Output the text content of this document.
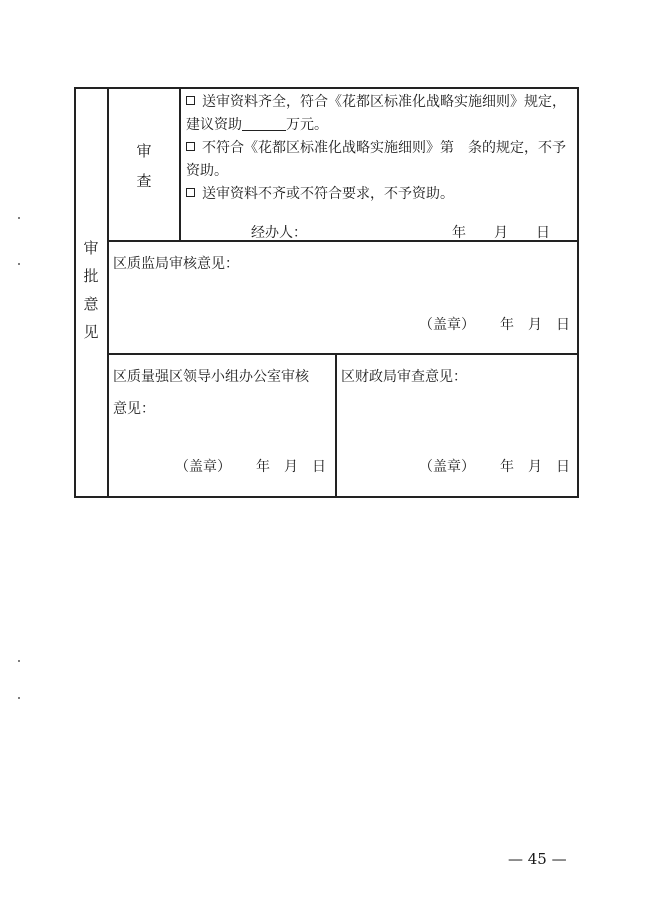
审
批
意
见
审
查
送审资料齐全，符合《花都区标准化战略实施细则》规定，
建议资助	万元。
不符合《花都区标准化战略实施细则》第　条的规定，不予
资助。
送审资料不齐或不符合要求，不予资助。
经办人：	年　　月　　日
区质监局审核意见：
（盖章） 年　月　日
区质量强区领导小组办公室审核
意见：
（盖章） 年　月　日
区财政局审查意见：
（盖章） 年　月　日
— 45 —
